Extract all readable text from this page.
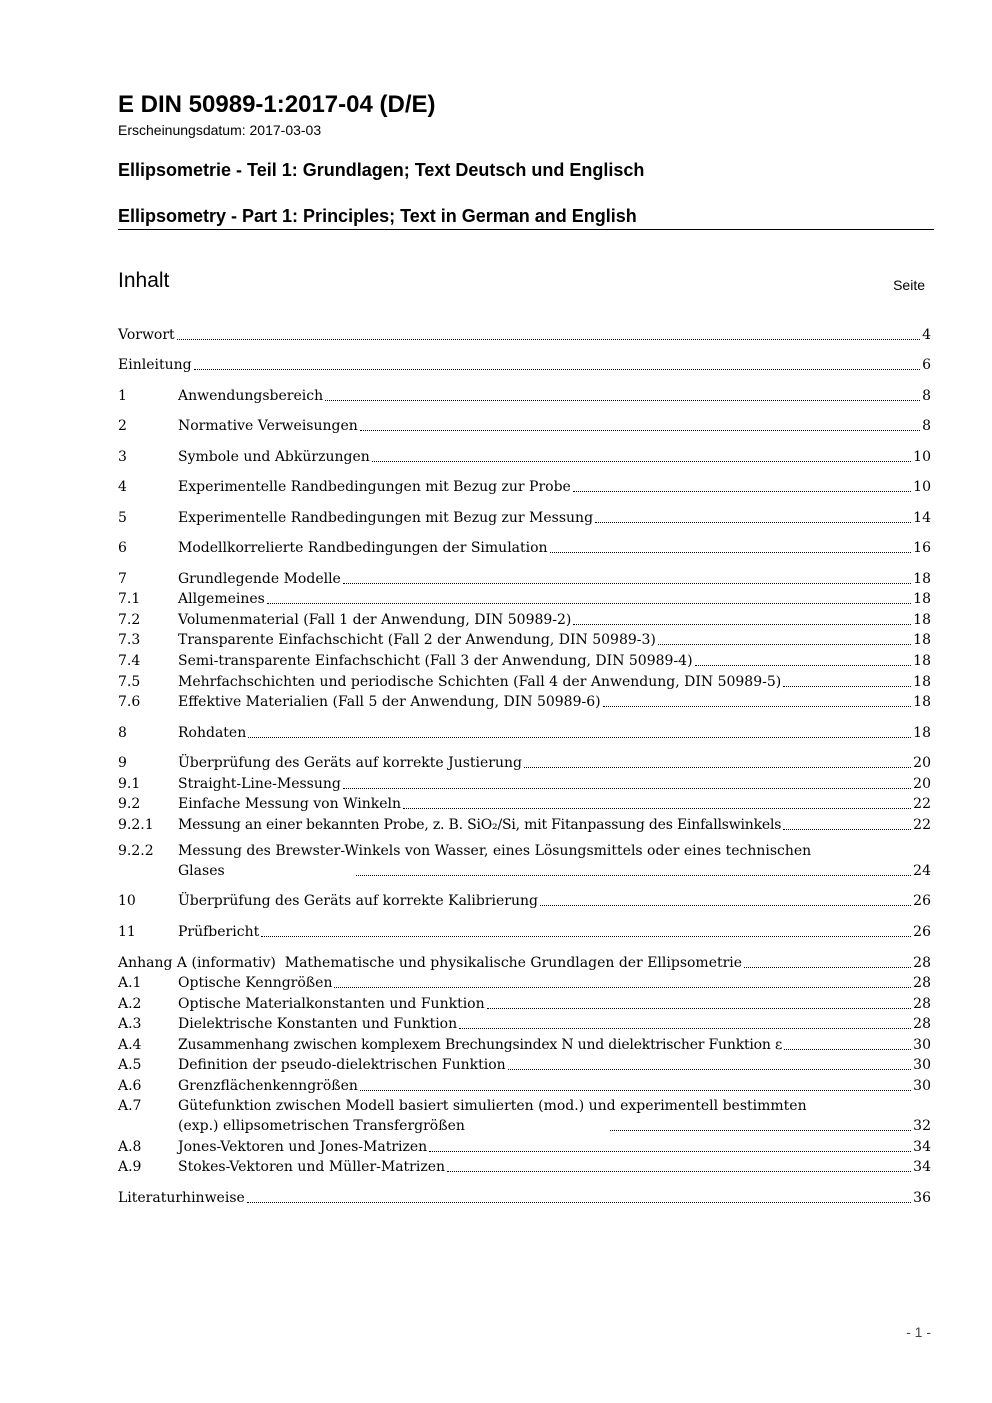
E DIN 50989-1:2017-04 (D/E)
Erscheinungsdatum: 2017-03-03
Ellipsometrie - Teil 1: Grundlagen; Text Deutsch und Englisch
Ellipsometry - Part 1: Principles; Text in German and English
Inhalt	Seite
Vorwort	4
Einleitung	6
1	Anwendungsbereich	8
2	Normative Verweisungen	8
3	Symbole und Abkürzungen	10
4	Experimentelle Randbedingungen mit Bezug zur Probe	10
5	Experimentelle Randbedingungen mit Bezug zur Messung	14
6	Modellkorrelierte Randbedingungen der Simulation	16
7	Grundlegende Modelle	18
7.1	Allgemeines	18
7.2	Volumenmaterial (Fall 1 der Anwendung, DIN 50989-2)	18
7.3	Transparente Einfachschicht (Fall 2 der Anwendung, DIN 50989-3)	18
7.4	Semi-transparente Einfachschicht (Fall 3 der Anwendung, DIN 50989-4)	18
7.5	Mehrfachschichten und periodische Schichten (Fall 4 der Anwendung, DIN 50989-5)	18
7.6	Effektive Materialien (Fall 5 der Anwendung, DIN 50989-6)	18
8	Rohdaten	18
9	Überprüfung des Geräts auf korrekte Justierung	20
9.1	Straight-Line-Messung	20
9.2	Einfache Messung von Winkeln	22
9.2.1	Messung an einer bekannten Probe, z. B. SiO₂/Si, mit Fitanpassung des Einfallswinkels	22
9.2.2	Messung des Brewster-Winkels von Wasser, eines Lösungsmittels oder eines technischen Glases	24
10	Überprüfung des Geräts auf korrekte Kalibrierung	26
11	Prüfbericht	26
Anhang A (informativ)  Mathematische und physikalische Grundlagen der Ellipsometrie	28
A.1	Optische Kenngrößen	28
A.2	Optische Materialkonstanten und Funktion	28
A.3	Dielektrische Konstanten und Funktion	28
A.4	Zusammenhang zwischen komplexem Brechungsindex N und dielektrischer Funktion ε	30
A.5	Definition der pseudo-dielektrischen Funktion	30
A.6	Grenzflächenkenngrößen	30
A.7	Gütefunktion zwischen Modell basiert simulierten (mod.) und experimentell bestimmten (exp.) ellipsometrischen Transfergrößen	32
A.8	Jones-Vektoren und Jones-Matrizen	34
A.9	Stokes-Vektoren und Müller-Matrizen	34
Literaturhinweise	36
- 1 -
